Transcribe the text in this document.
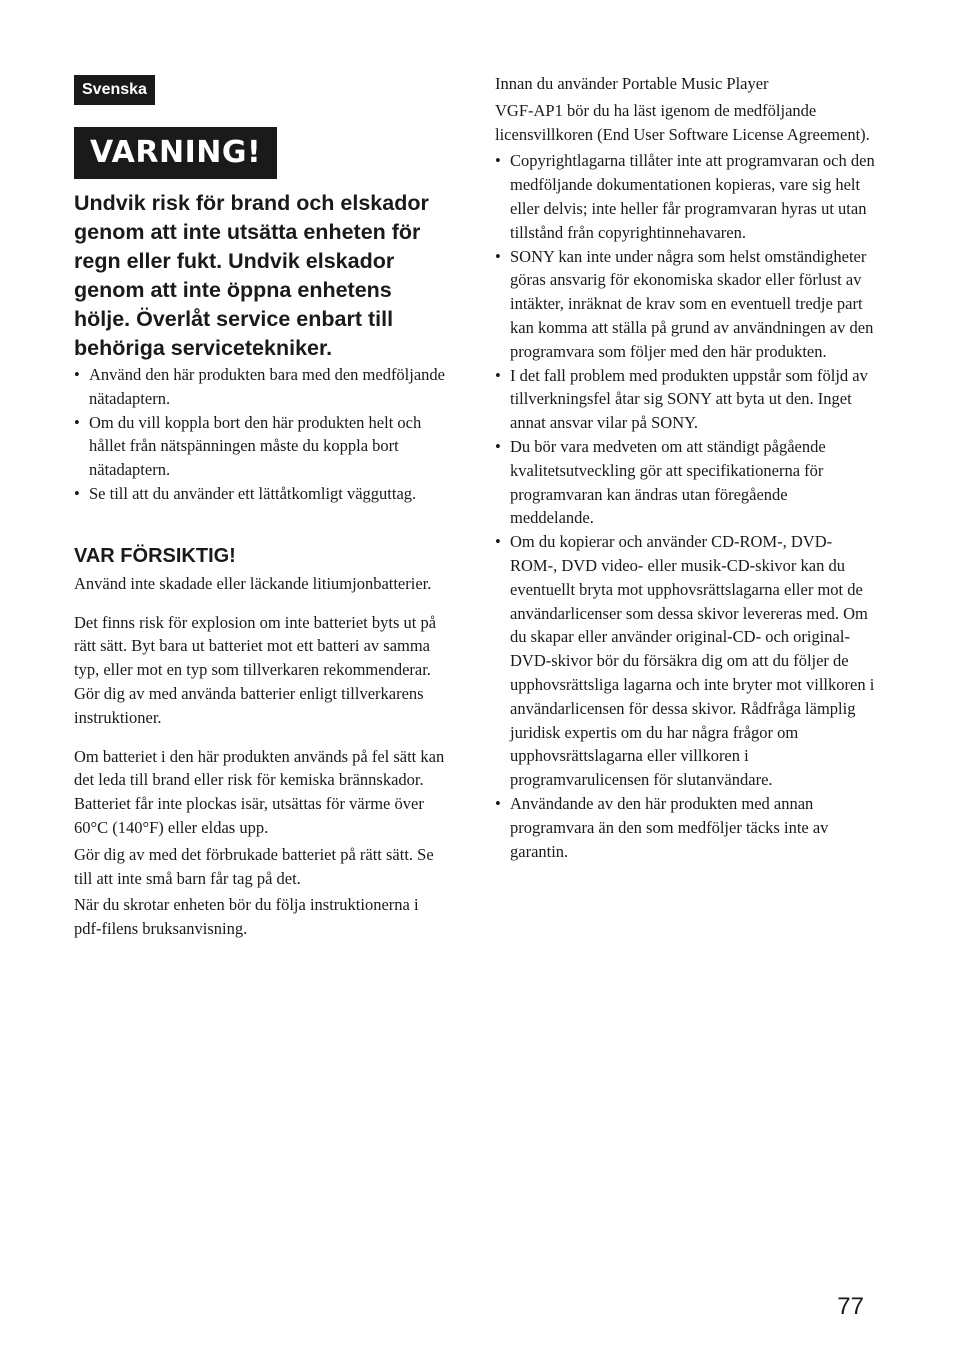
Svenska
VARNING!

Undvik risk för brand och elskador genom att inte utsätta enheten för regn eller fukt. Undvik elskador genom att inte öppna enhetens hölje. Överlåt service enbart till behöriga servicetekniker.

• Använd den här produkten bara med den medföljande nätadaptern.
• Om du vill koppla bort den här produkten helt och hållet från nätspänningen måste du koppla bort nätadaptern.
• Se till att du använder ett lättåtkomligt vägguttag.
VAR FÖRSIKTIG!

Använd inte skadade eller läckande litiumjonbatterier.

Det finns risk för explosion om inte batteriet byts ut på rätt sätt. Byt bara ut batteriet mot ett batteri av samma typ, eller mot en typ som tillverkaren rekommenderar. Gör dig av med använda batterier enligt tillverkarens instruktioner.

Om batteriet i den här produkten används på fel sätt kan det leda till brand eller risk för kemiska brännskador. Batteriet får inte plockas isär, utsättas för värme över 60°C (140°F) eller eldas upp.

Gör dig av med det förbrukade batteriet på rätt sätt. Se till att inte små barn får tag på det.

När du skrotar enheten bör du följa instruktionerna i pdf-filens bruksanvisning.

Innan du använder Portable Music Player

VGF-AP1 bör du ha läst igenom de medföljande licensvillkoren (End User Software License Agreement).

• Copyrightlagarna tillåter inte att programvaran och den medföljande dokumentationen kopieras, vare sig helt eller delvis; inte heller får programvaran hyras ut utan tillstånd från copyrightinnehavaren.
• SONY kan inte under några som helst omständigheter göras ansvarig för ekonomiska skador eller förlust av intäkter, inräknat de krav som en eventuell tredje part kan komma att ställa på grund av användningen av den programvara som följer med den här produkten.
• I det fall problem med produkten uppstår som följd av tillverkningsfel åtar sig SONY att byta ut den. Inget annat ansvar vilar på SONY.
• Du bör vara medveten om att ständigt pågående kvalitetsutveckling gör att specifikationerna för programvaran kan ändras utan föregående meddelande.
• Om du kopierar och använder CD-ROM-, DVD-ROM-, DVD video- eller musik-CD-skivor kan du eventuellt bryta mot upphovsrättslagarna eller mot de användarlicenser som dessa skivor levereras med. Om du skapar eller använder original-CD- och original-DVD-skivor bör du försäkra dig om att du följer de upphovsrättsliga lagarna och inte bryter mot villkoren i användarlicensen för dessa skivor. Rådfråga lämplig juridisk expertis om du har några frågor om upphovsrättslagarna eller villkoren i programvarulicensen för slutanvändare.
• Användande av den här produkten med annan programvara än den som medföljer täcks inte av garantin.
77
